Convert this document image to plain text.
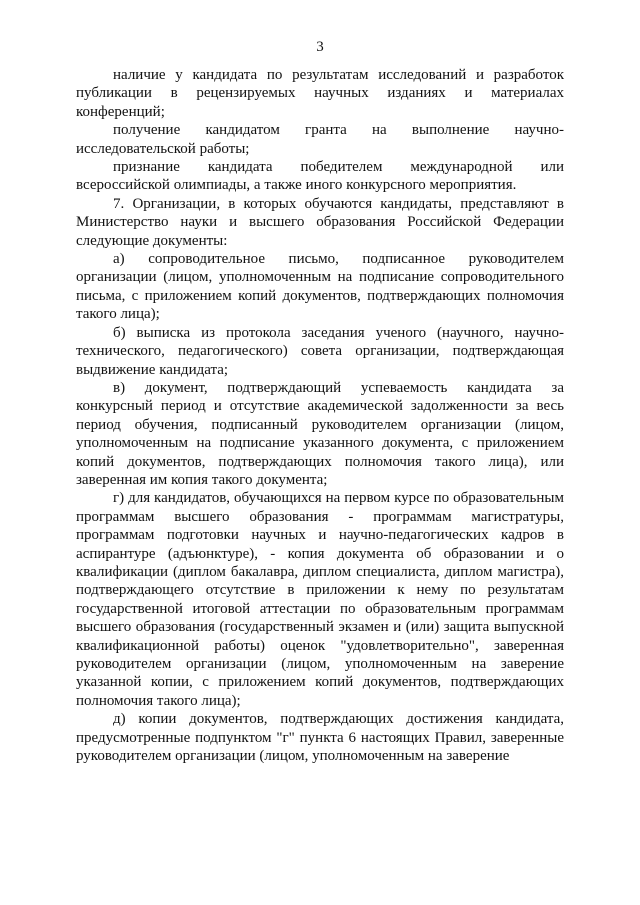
3

наличие у кандидата по результатам исследований и разработок публикации в рецензируемых научных изданиях и материалах конференций;

получение кандидатом гранта на выполнение научно-исследовательской работы;

признание кандидата победителем международной или всероссийской олимпиады, а также иного конкурсного мероприятия.

7. Организации, в которых обучаются кандидаты, представляют в Министерство науки и высшего образования Российской Федерации следующие документы:

а) сопроводительное письмо, подписанное руководителем организации (лицом, уполномоченным на подписание сопроводительного письма, с приложением копий документов, подтверждающих полномочия такого лица);

б) выписка из протокола заседания ученого (научного, научно-технического, педагогического) совета организации, подтверждающая выдвижение кандидата;

в) документ, подтверждающий успеваемость кандидата за конкурсный период и отсутствие академической задолженности за весь период обучения, подписанный руководителем организации (лицом, уполномоченным на подписание указанного документа, с приложением копий документов, подтверждающих полномочия такого лица), или заверенная им копия такого документа;

г) для кандидатов, обучающихся на первом курсе по образовательным программам высшего образования - программам магистратуры, программам подготовки научных и научно-педагогических кадров в аспирантуре (адъюнктуре), - копия документа об образовании и о квалификации (диплом бакалавра, диплом специалиста, диплом магистра), подтверждающего отсутствие в приложении к нему по результатам государственной итоговой аттестации по образовательным программам высшего образования (государственный экзамен и (или) защита выпускной квалификационной работы) оценок "удовлетворительно", заверенная руководителем организации (лицом, уполномоченным на заверение указанной копии, с приложением копий документов, подтверждающих полномочия такого лица);

д) копии документов, подтверждающих достижения кандидата, предусмотренные подпунктом "г" пункта 6 настоящих Правил, заверенные руководителем организации (лицом, уполномоченным на заверение
